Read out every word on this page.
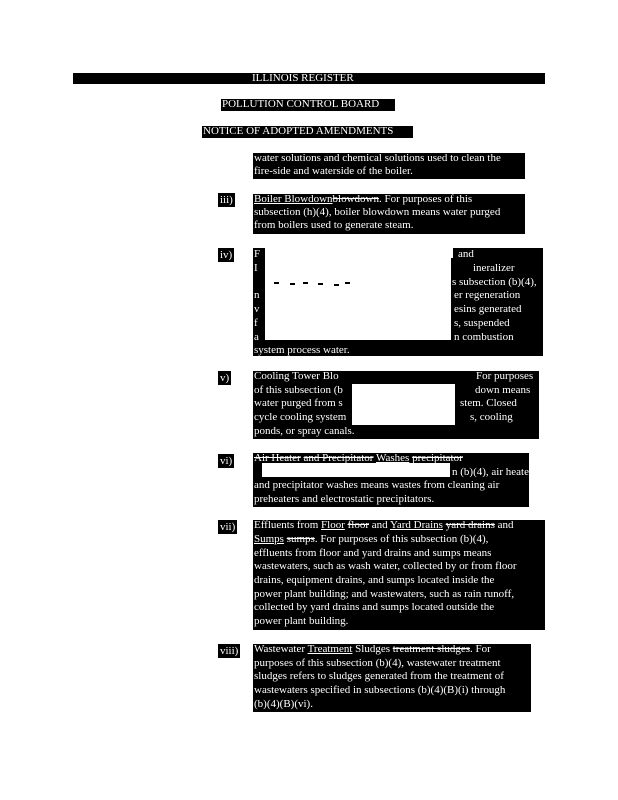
ILLINOIS REGISTER
POLLUTION CONTROL BOARD
NOTICE OF ADOPTED AMENDMENTS
water solutions and chemical solutions used to clean the
fire-side and waterside of the boiler.
iii) Boiler Blowdownblowdown. For purposes of this
subsection (h)(4), boiler blowdown means water purged
from boilers used to generate steam.
iv) F	and
I	ineralizer
s subsection (b)(4),
n	er regeneration
v	esins generated
f	s, suspended
a	n combustion
system process water.
v) Cooling Tower Blo	For purposes
of this subsection (b	down means
water purged from s	stem. Closed
cycle cooling system	s, cooling
ponds, or spray canals.
vi) Air Heater and Precipitator Washes precipitator
n (b)(4), air heater
and precipitator washes means wastes from cleaning air
preheaters and electrostatic precipitators.
vii) Effluents from Floor floor and Yard Drains yard drains and
Sumps sumps. For purposes of this subsection (b)(4),
effluents from floor and yard drains and sumps means
wastewaters, such as wash water, collected by or from floor
drains, equipment drains, and sumps located inside the
power plant building; and wastewaters, such as rain runoff,
collected by yard drains and sumps located outside the
power plant building.
viii) Wastewater Treatment Sludges treatment sludges. For
purposes of this subsection (b)(4), wastewater treatment
sludges refers to sludges generated from the treatment of
wastewaters specified in subsections (b)(4)(B)(i) through
(b)(4)(B)(vi).
